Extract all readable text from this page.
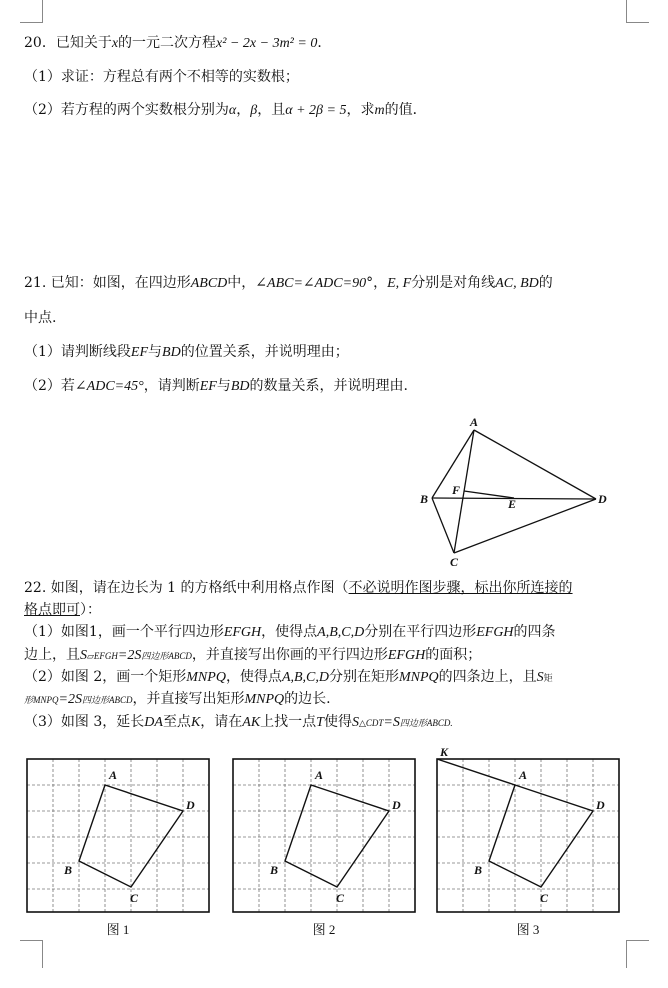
20．已知关于x的一元二次方程x² − 2x − 3m² = 0．
（1）求证：方程总有两个不相等的实数根；
（2）若方程的两个实数根分别为α，β，且α + 2β = 5，求m的值．
21. 已知：如图，在四边形ABCD中，∠ABC=∠ADC=90°，E, F分别是对角线AC, BD的
中点.
（1）请判断线段EF与BD的位置关系，并说明理由；
（2）若∠ADC=45°，请判断EF与BD的数量关系，并说明理由.
A
B
C
D
E
F
22. 如图，请在边长为 1 的方格纸中利用格点作图（不必说明作图步骤，标出你所连接的
格点即可）：
（1）如图1，画一个平行四边形EFGH，使得点A,B,C,D分别在平行四边形EFGH的四条
边上，且S▱EFGH=2S四边形ABCD，并直接写出你画的平行四边形EFGH的面积；
（2）如图 2，画一个矩形MNPQ，使得点A,B,C,D分别在矩形MNPQ的四条边上，且S矩
形MNPQ=2S四边形ABCD，并直接写出矩形MNPQ的边长.
（3）如图 3，延长DA至点K，请在AK上找一点T使得S△CDT=S四边形ABCD.
A
B
C
D
图 1
A
B
C
D
图 2
A
B
C
D
图 3
K
